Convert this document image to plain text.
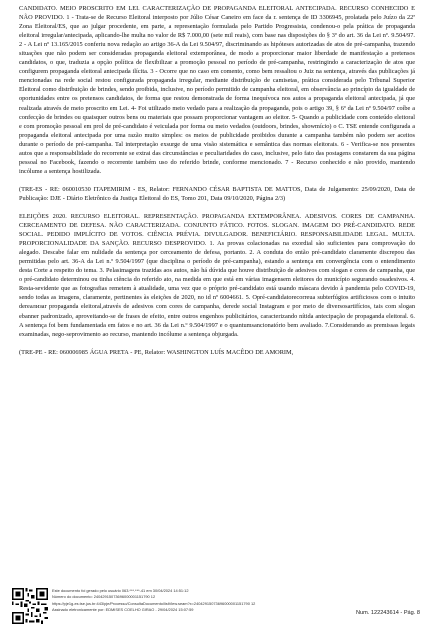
CANDIDATO. MEIO PROSCRITO EM LEI. CARACTERIZAÇÃO DE PROPAGANDA ELEITORAL ANTECIPADA. RECURSO CONHECIDO E NÃO PROVIDO. 1 - Trata-se de Recurso Eleitoral interposto por Júlio César Caneiro em face da r. sentença de ID 3306945, prolatada pelo Juízo da 22ª Zona Eleitoral/ES, que ao julgar procedente, em parte, a representação formulada pelo Partido Progressista, condenou-o pela prática de propaganda eleitoral irregular/antecipada, aplicando-lhe multa no valor de R$ 7.000,00 (sete mil reais), com base nas disposições do § 3º do art. 36 da Lei nº. 9.504/97. 2 - A Lei nº 13.165/2015 conferiu nova redação ao artigo 36-A da Lei 9.504/97, discriminando as hipóteses autorizadas de atos de pré-campanha, trazendo situações que não podem ser consideradas propaganda eleitoral extemporânea, de modo a proporcionar maior liberdade de manifestação a pretensos candidatos, o que, traduzia a opção política de flexibilizar a promoção pessoal no período de pré-campanha, restringindo a caracterização de atos que configurem propaganda eleitoral antecipada ilícita. 3 - Ocorre que no caso em comento, como bem ressaltou o Juiz na sentença, através das publicações já mencionadas na rede social restou configurada propaganda irregular, mediante distribuição de camisetas, prática considerada pelo Tribunal Superior Eleitoral como distribuição de brindes, sendo proibida, inclusive, no período permitido de campanha eleitoral, em observância ao princípio da igualdade de oportunidades entre os pretensos candidatos, de forma que restou demonstrada de forma inequívoca nos autos a propaganda eleitoral antecipada, já que realizada através de meio proscrito em Lei. 4- Foi utilizado meio vedado para a realização da propaganda, pois o artigo 39, § 6º da Lei nº 9.504/97 coíbe a confecção de brindes ou quaisquer outros bens ou materiais que possam proporcionar vantagem ao eleitor. 5- Quando a publicidade com conteúdo eleitoral e com promoção pessoal em prol de pré-candidato é veiculada por forma ou meio vedados (outdoors, brindes, showmício) o C. TSE entende configurada a propaganda eleitoral antecipada por uma razão muito simples: os meios de publicidade proibidos durante a campanha também não podem ser aceitos durante o período de pré-campanha. Tal interpretação exsurge de uma visão sistemática e semântica das normas eleitorais. 6 - Verifica-se nos presentes autos que a responsabilidade do recorrente se extrai das circunstâncias e peculiaridades do caso, inclusive, pelo fato das postagens constarem da sua página pessoal no Facebook, fazendo o recorrente também uso do referido brinde, conforme mencionado. 7 - Recurso conhecido e não provido, mantendo incólume a sentença hostilizada.

(TRE-ES - RE: 060010530 ITAPEMIRIM - ES, Relator: FERNANDO CÉSAR BAPTISTA DE MATTOS, Data de Julgamento: 25/09/2020, Data de Publicação: DJE - Diário Eletrônico da Justiça Eleitoral do ES, Tomo 201, Data 09/10/2020, Página 2/3)

ELEIÇÕES 2020. RECURSO ELEITORAL. REPRESENTAÇÃO. PROPAGANDA EXTEMPORÂNEA. ADESIVOS. CORES DE CAMPANHA. CERCEAMENTO DE DEFESA. NÃO CARACTERIZADA. CONJUNTO FÁTICO. FOTOS. SLOGAN. IMAGEM DO PRÉ-CANDIDATO. REDE SOCIAL. PEDIDO IMPLÍCITO DE VOTOS. CIÊNCIA PRÉVIA. DIVULGADOR. BENEFICIÁRIO. RESPONSABILIDADE LEGAL. MULTA. PROPORCIONALIDADE DA SANÇÃO. RECURSO DESPROVIDO. 1. As provas colacionadas na exordial são suficientes para comprovação do alegado. Descabe falar em nulidade da sentença por cerceamento de defesa, portanto. 2. A conduta do então pré-candidato claramente discrepou das permitidas pelo art. 36-A da Lei n.º 9.504/1997 (que disciplina o período de pré-campanha), estando a sentença em convergência com o entendimento desta Corte a respeito do tema. 3. Pelasimagens trazidas aos autos, não há dúvida que houve distribuição de adesivos com slogan e cores de campanha, que o pré-candidato determinou ou tinha ciência do referido ato, na medida em que está em várias imagensem eleitores do município segurando osadesivos. 4. Resta-sevidente que as fotografias remetem à atualidade, uma vez que o próprio pré-candidato está usando máscara devido à pandemia pelo COVID-19, sendo todas as imagens, claramente, pertinentes às eleições de 2020, no id nº 6004661. 5. Opré-candidatorecorreua subterfúgios artificiosos com o intuito dereализar propaganda eleitoral,através de adesivos com cores de campanha, derede social Instagram e por meio de diversosartifícios, tais com slogan ebanner padronizado, aproveitando-se de frases de efeito, entre outros engenhos publicitários, caracterizando nítida antecipação de propaganda eleitoral. 6. A sentença foi bem fundamentada em fatos e no art. 36 da Lei n.º 9.504/1997 e o quantumsancionatório bem avaliado. 7.Considerando as premissas legais examinadas, nego-seprovimento ao recurso, mantendo incólume a sentença objurgada.

(TRE-PE - RE: 060006985 ÁGUA PRETA - PE, Relator: WASHINGTON LUÍS MACÊDO DE AMORIM,

Este documento foi gerado pelo usuário 063.***.***-41 em 30/04/2024 14:51:12
Número do documento: 24042915073696000001151790 12
https://pje1g-es.tse.jus.br:443/pje/Processo/ConsultaDocumento/listView.seam?x=24042915073696000001151790 12
Assinado eletronicamente por: EDMISES COELHO GIRAO - 29/04/2024 15:07:59
Num. 122243614 - Pág. 8
